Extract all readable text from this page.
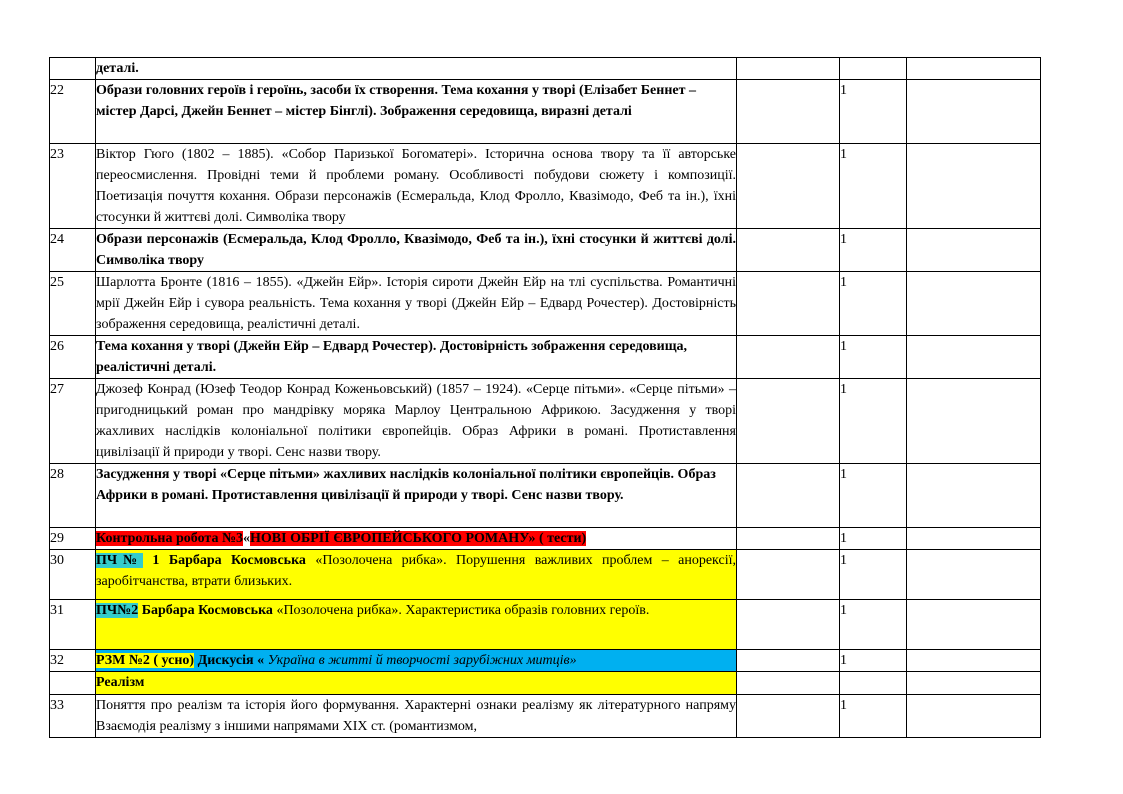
	деталі.			
22	Образи головних героїв і героїнь, засоби їх створення. Тема кохання у творі (Елізабет Беннет – містер Дарсі, Джейн Беннет – містер Бінглі). Зображення середовища, виразні деталі		1	
23	Віктор Гюго (1802 – 1885). «Собор Паризької Богоматері». Історична основа твору та її авторське переосмислення. Провідні теми й проблеми роману. Особливості побудови сюжету і композиції. Поетизація почуття кохання. Образи персонажів (Есмеральда, Клод Фролло, Квазімодо, Феб та ін.), їхні стосунки й життєві долі. Символіка твору		1	
24	Образи персонажів (Есмеральда, Клод Фролло, Квазімодо, Феб та ін.), їхні стосунки й життєві долі. Символіка твору		1	
25	Шарлотта Бронте (1816 – 1855). «Джейн Ейр». Історія сироти Джейн Ейр на тлі суспільства. Романтичні мрії Джейн Ейр і сувора реальність. Тема кохання у творі (Джейн Ейр – Едвард Рочестер). Достовірність зображення середовища, реалістичні деталі.		1	
26	Тема кохання у творі (Джейн Ейр – Едвард Рочестер). Достовірність зображення середовища, реалістичні деталі.		1	
27	Джозеф Конрад (Юзеф Теодор Конрад Коженьовський) (1857 – 1924). «Серце пітьми». «Серце пітьми» – пригодницький роман про мандрівку моряка Марлоу Центральною Африкою. Засудження у творі жахливих наслідків колоніальної політики європейців. Образ Африки в романі. Протиставлення цивілізації й природи у творі. Сенс назви твору.		1	
28	Засудження у творі «Серце пітьми» жахливих наслідків колоніальної політики європейців. Образ Африки в романі. Протиставлення цивілізації й природи у творі. Сенс назви твору.		1	
29	Контрольна робота №3«НОВІ ОБРІЇ ЄВРОПЕЙСЬКОГО РОМАНУ» ( тести)		1	
30	ПЧ№ 1 Барбара Космовська «Позолочена рибка». Порушення важливих проблем – анорексії, заробітчанства, втрати близьких.		1	
31	ПЧ№2 Барбара Космовська «Позолочена рибка». Характеристика образів головних героїв.		1	
32	РЗМ №2 ( усно) Дискусія « Україна в житті й творчості зарубіжних митців»		1	
	Реалізм			
33	Поняття про реалізм та історія його формування. Характерні ознаки реалізму як літературного напряму Взаємодія реалізму з іншими напрямами ХІХ ст. (романтизмом,		1	
